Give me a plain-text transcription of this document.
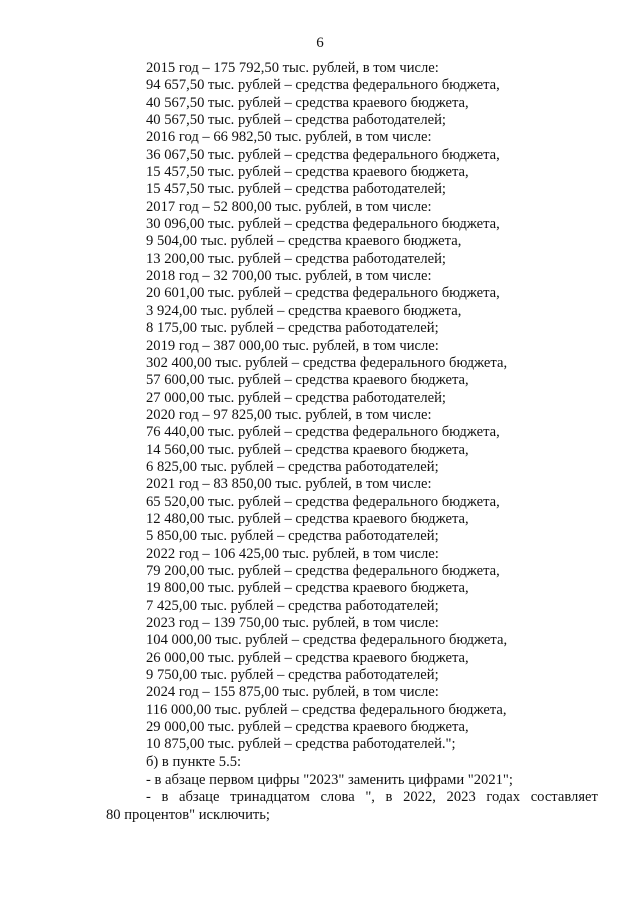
6
2015 год – 175 792,50 тыс. рублей, в том числе:
94 657,50 тыс. рублей – средства федерального бюджета,
40 567,50 тыс. рублей – средства краевого бюджета,
40 567,50 тыс. рублей – средства работодателей;
2016 год – 66 982,50 тыс. рублей, в том числе:
36 067,50 тыс. рублей – средства федерального бюджета,
15 457,50 тыс. рублей – средства краевого бюджета,
15 457,50 тыс. рублей – средства работодателей;
2017 год – 52 800,00 тыс. рублей, в том числе:
30 096,00 тыс. рублей – средства федерального бюджета,
9 504,00 тыс. рублей – средства краевого бюджета,
13 200,00 тыс. рублей – средства работодателей;
2018 год – 32 700,00 тыс. рублей, в том числе:
20 601,00 тыс. рублей – средства федерального бюджета,
3 924,00 тыс. рублей – средства краевого бюджета,
8 175,00 тыс. рублей – средства работодателей;
2019 год – 387 000,00 тыс. рублей, в том числе:
302 400,00 тыс. рублей – средства федерального бюджета,
57 600,00 тыс. рублей – средства краевого бюджета,
27 000,00 тыс. рублей – средства работодателей;
2020 год – 97 825,00 тыс. рублей, в том числе:
76 440,00 тыс. рублей – средства федерального бюджета,
14 560,00 тыс. рублей – средства краевого бюджета,
6 825,00 тыс. рублей – средства работодателей;
2021 год – 83 850,00 тыс. рублей, в том числе:
65 520,00 тыс. рублей – средства федерального бюджета,
12 480,00 тыс. рублей – средства краевого бюджета,
5 850,00 тыс. рублей – средства работодателей;
2022 год – 106 425,00 тыс. рублей, в том числе:
79 200,00 тыс. рублей – средства федерального бюджета,
19 800,00 тыс. рублей – средства краевого бюджета,
7 425,00 тыс. рублей – средства работодателей;
2023 год – 139 750,00 тыс. рублей, в том числе:
104 000,00 тыс. рублей – средства федерального бюджета,
26 000,00 тыс. рублей – средства краевого бюджета,
9 750,00 тыс. рублей – средства работодателей;
2024 год – 155 875,00 тыс. рублей, в том числе:
116 000,00 тыс. рублей – средства федерального бюджета,
29 000,00 тыс. рублей – средства краевого бюджета,
10 875,00 тыс. рублей – средства работодателей.";
б) в пункте 5.5:
- в абзаце первом цифры "2023" заменить цифрами "2021";
- в абзаце тринадцатом слова ", в 2022, 2023 годах составляет
80 процентов" исключить;
